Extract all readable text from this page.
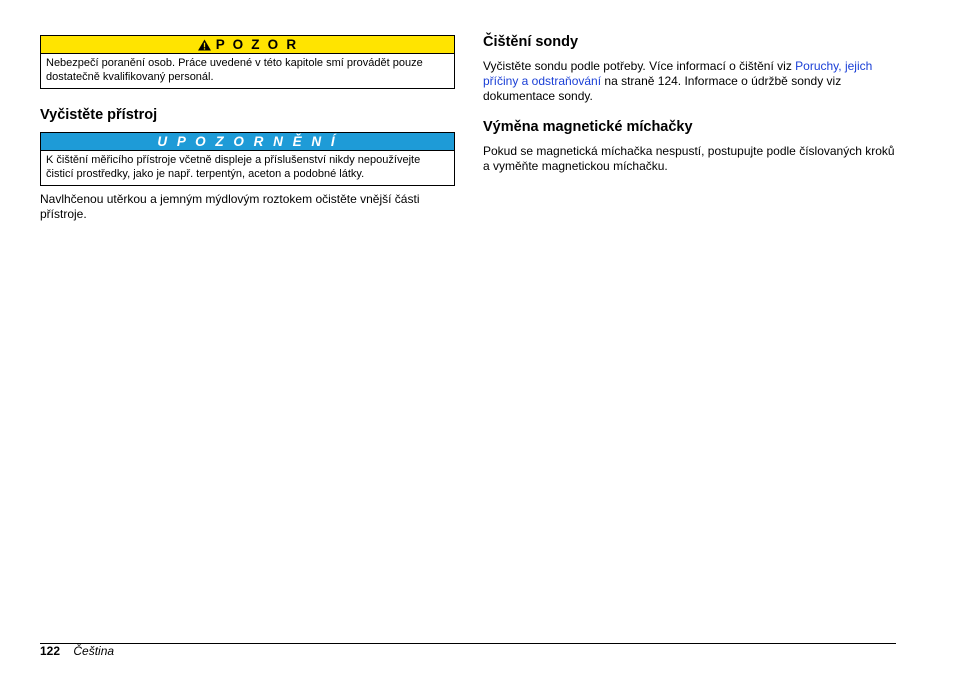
P O Z O R
Nebezpečí poranění osob. Práce uvedené v této kapitole smí provádět pouze dostatečně kvalifikovaný personál.
Vyčistěte přístroj
U P O Z O R N Ě N Í
K čištění měřicího přístroje včetně displeje a příslušenství nikdy nepoužívejte čisticí prostředky, jako je např. terpentýn, aceton a podobné látky.

Navlhčenou utěrkou a jemným mýdlovým roztokem očistěte vnější části přístroje.

Čištění sondy

Vyčistěte sondu podle potřeby. Více informací o čištění viz Poruchy, jejich příčiny a odstraňování na straně 124. Informace o údržbě sondy viz dokumentace sondy.

Výměna magnetické míchačky

Pokud se magnetická míchačka nespustí, postupujte podle číslovaných kroků a vyměňte magnetickou míchačku.

122 Čeština
